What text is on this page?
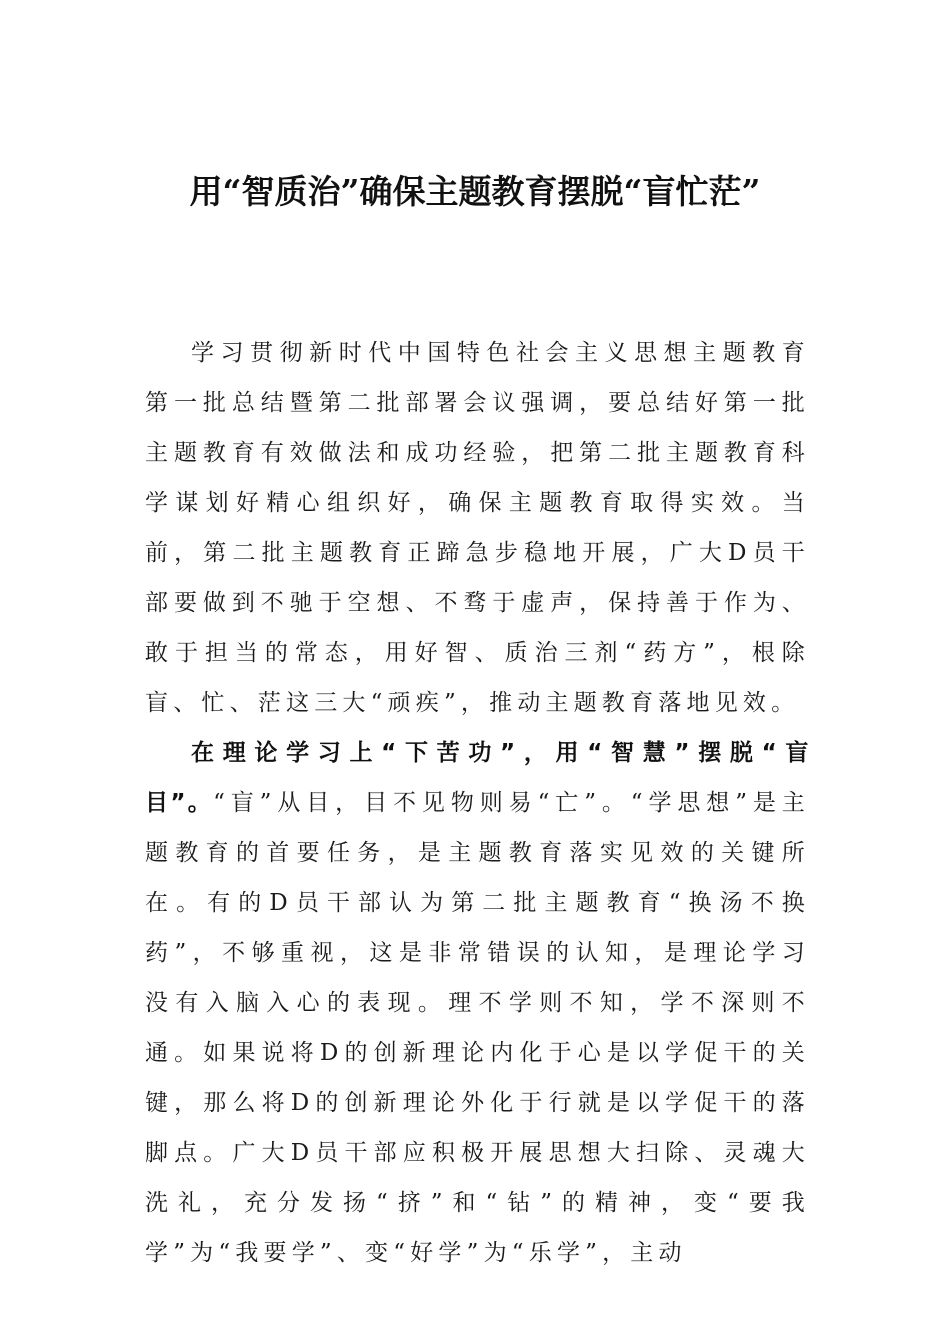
用“智质治”确保主题教育摆脱“盲忙茫”

学习贯彻新时代中国特色社会主义思想主题教育第一批总结暨第二批部署会议强调，要总结好第一批主题教育有效做法和成功经验，把第二批主题教育科学谋划好精心组织好，确保主题教育取得实效。当前，第二批主题教育正蹄急步稳地开展，广大D员干部要做到不驰于空想、不骛于虚声，保持善于作为、敢于担当的常态，用好智、质治三剂“药方”，根除盲、忙、茫这三大“顽疾”，推动主题教育落地见效。

在理论学习上“下苦功”，用“智慧”摆脱“盲目”。“盲”从目，目不见物则易“亡”。“学思想”是主题教育的首要任务，是主题教育落实见效的关键所在。有的D员干部认为第二批主题教育“换汤不换药”，不够重视，这是非常错误的认知，是理论学习没有入脑入心的表现。理不学则不知，学不深则不通。如果说将D的创新理论内化于心是以学促干的关键，那么将D的创新理论外化于行就是以学促干的落脚点。广大D员干部应积极开展思想大扫除、灵魂大洗礼，充分发扬“挤”和“钻”的精神，变“要我学”为“我要学”、变“好学”为“乐学”，主动
